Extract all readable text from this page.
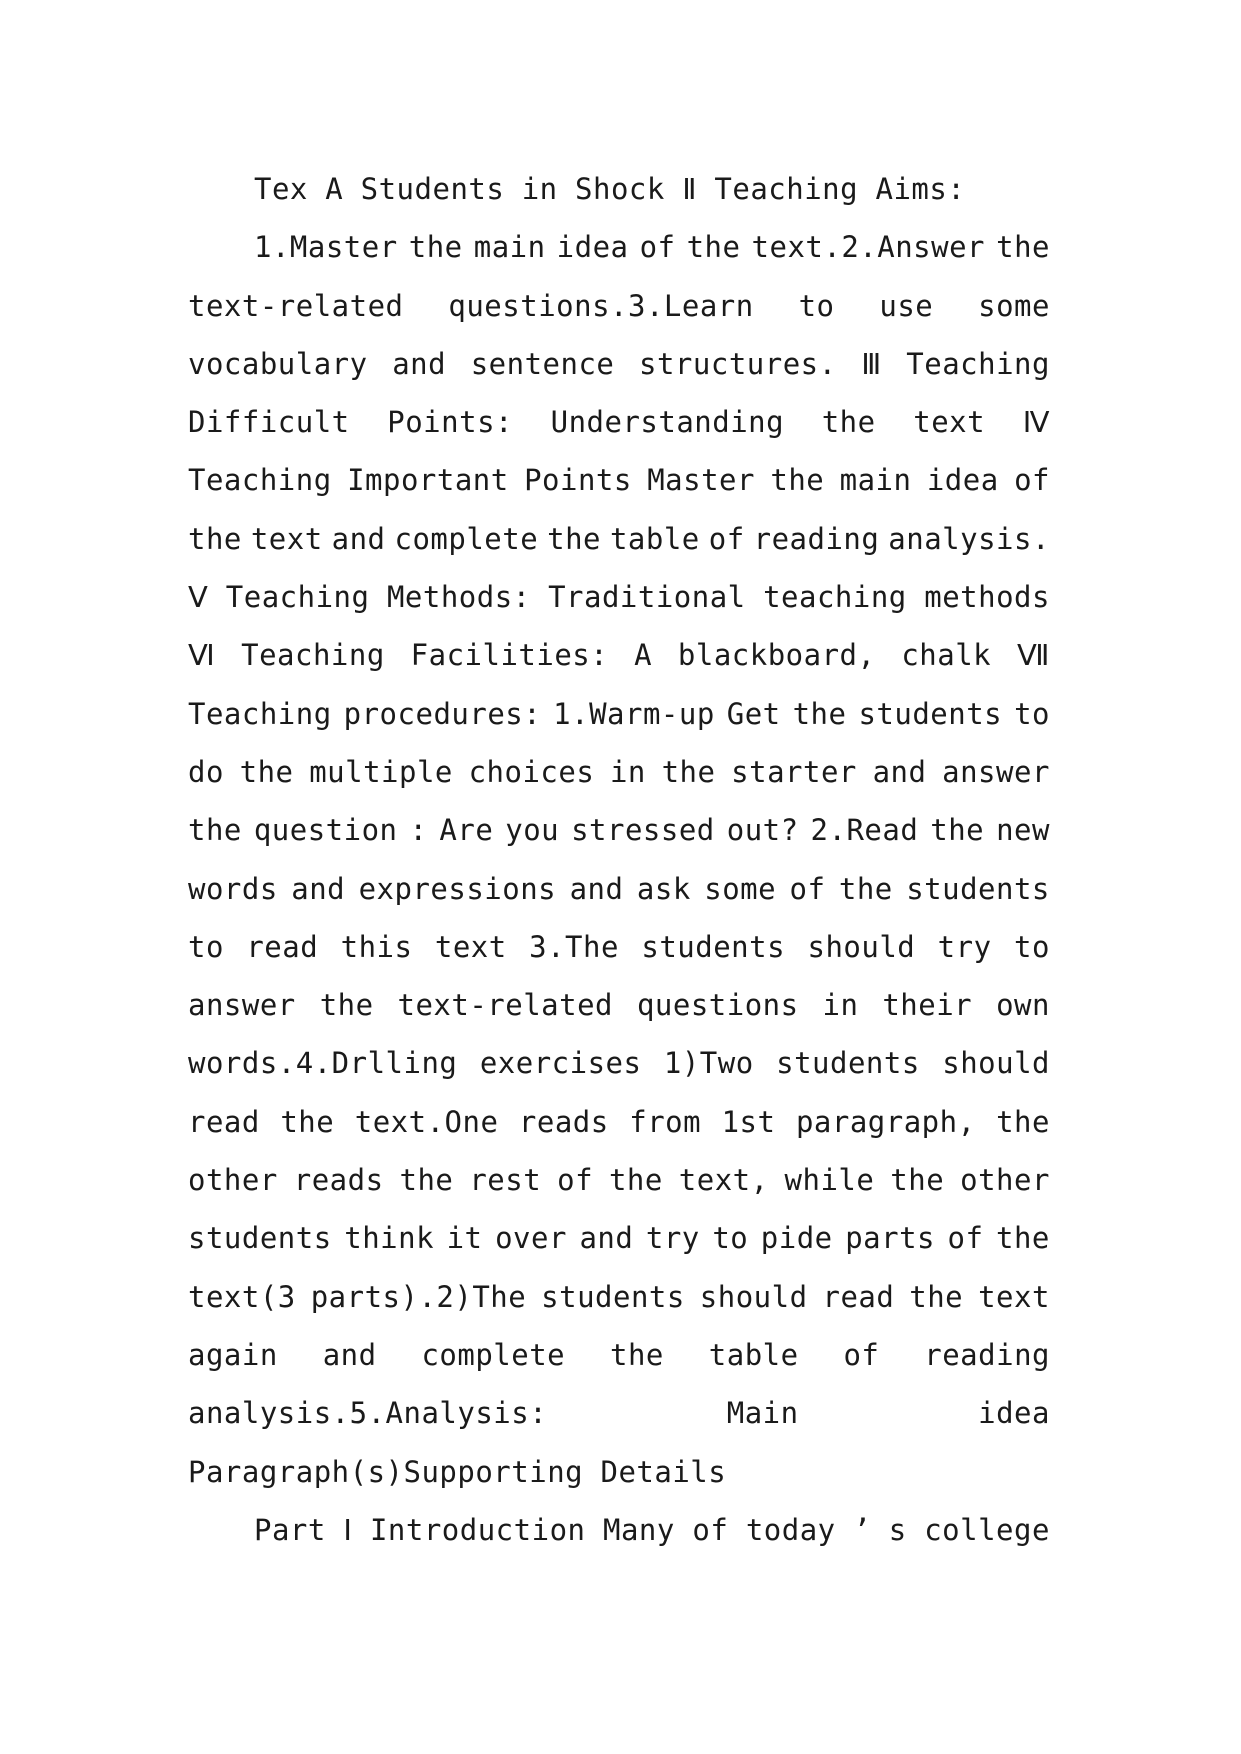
Tex A Students in Shock Ⅱ Teaching Aims:
1.Master the main idea of the text.2.Answer the
text-related questions.3.Learn to use some
vocabulary and sentence structures. Ⅲ Teaching
Difficult Points: Understanding the text Ⅳ
Teaching Important Points Master the main idea of
the text and complete the table of reading analysis.
Ⅴ Teaching Methods: Traditional teaching methods
Ⅵ Teaching Facilities: A blackboard, chalk Ⅶ
Teaching procedures: 1.Warm-up Get the students to
do the multiple choices in the starter and answer
the question : Are you stressed out? 2.Read the new
words and expressions and ask some of the students
to read this text 3.The students should try to
answer the text-related questions in their own
words.4.Drlling exercises 1)Two students should
read the text.One reads from 1st paragraph, the
other reads the rest of the text, while the other
students think it over and try to pide parts of the
text(3 parts).2)The students should read the text
again and complete the table of reading
analysis.5.Analysis:	Main	idea
Paragraph(s)Supporting Details
Part Ⅰ Introduction Many of today ’ s college
